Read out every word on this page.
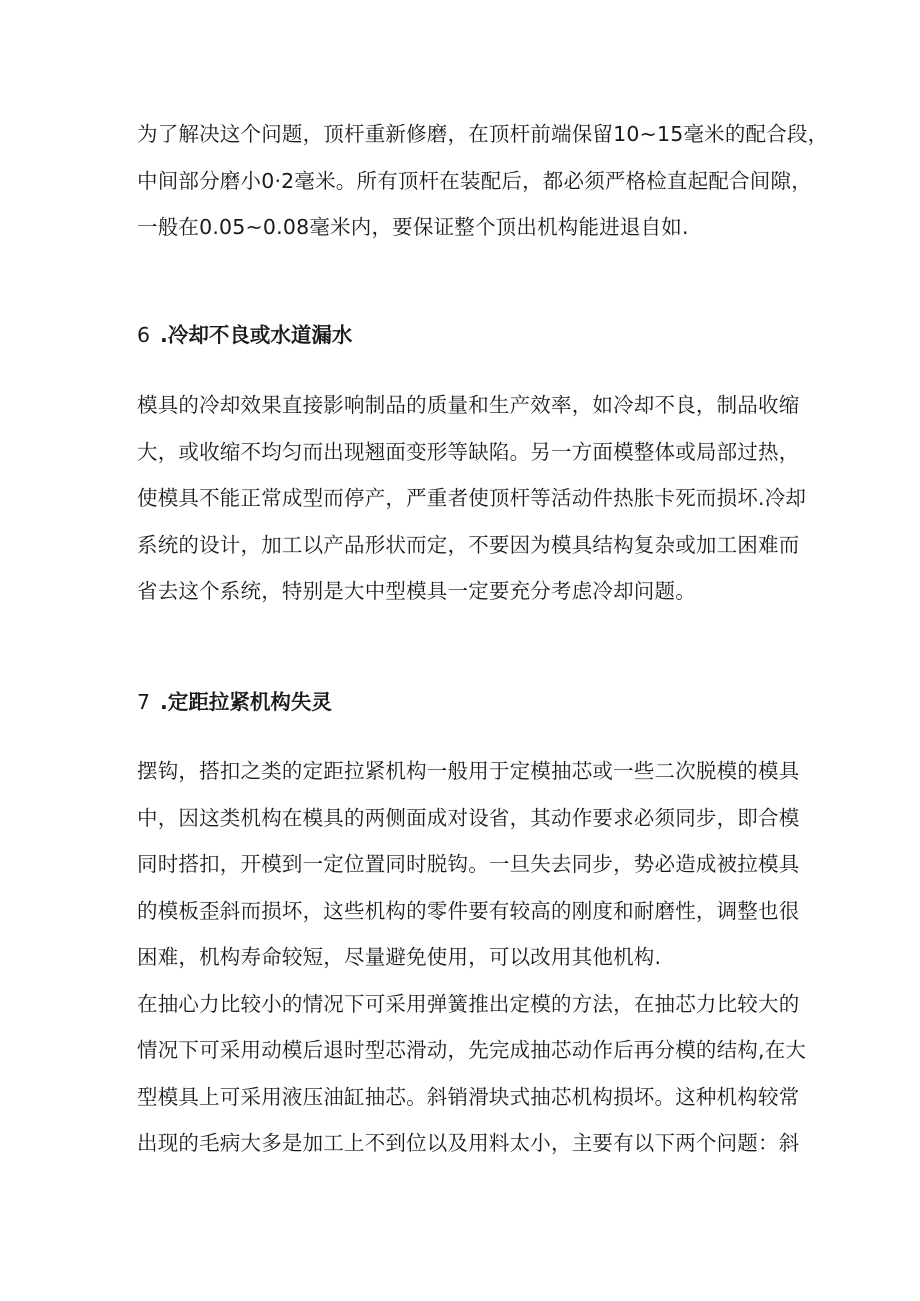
为了解决这个问题，顶杆重新修磨，在顶杆前端保留10~15毫米的配合段，
中间部分磨小0·2毫米。所有顶杆在装配后，都必须严格检直起配合间隙，
一般在0.05~0.08毫米内，要保证整个顶出机构能进退自如.

6 .冷却不良或水道漏水

模具的冷却效果直接影响制品的质量和生产效率，如冷却不良，制品收缩
大，或收缩不均匀而出现翘面变形等缺陷。另一方面模整体或局部过热，
使模具不能正常成型而停产，严重者使顶杆等活动件热胀卡死而损坏.冷却
系统的设计，加工以产品形状而定，不要因为模具结构复杂或加工困难而
省去这个系统，特别是大中型模具一定要充分考虑冷却问题。

7 .定距拉紧机构失灵

摆钩，搭扣之类的定距拉紧机构一般用于定模抽芯或一些二次脱模的模具
中，因这类机构在模具的两侧面成对设省，其动作要求必须同步，即合模
同时搭扣，开模到一定位置同时脱钩。一旦失去同步，势必造成被拉模具
的模板歪斜而损坏，这些机构的零件要有较高的刚度和耐磨性，调整也很
困难，机构寿命较短，尽量避免使用，可以改用其他机构.
在抽心力比较小的情况下可采用弹簧推出定模的方法，在抽芯力比较大的
情况下可采用动模后退时型芯滑动，先完成抽芯动作后再分模的结构,在大
型模具上可采用液压油缸抽芯。斜销滑块式抽芯机构损坏。这种机构较常
出现的毛病大多是加工上不到位以及用料太小，主要有以下两个问题：斜
